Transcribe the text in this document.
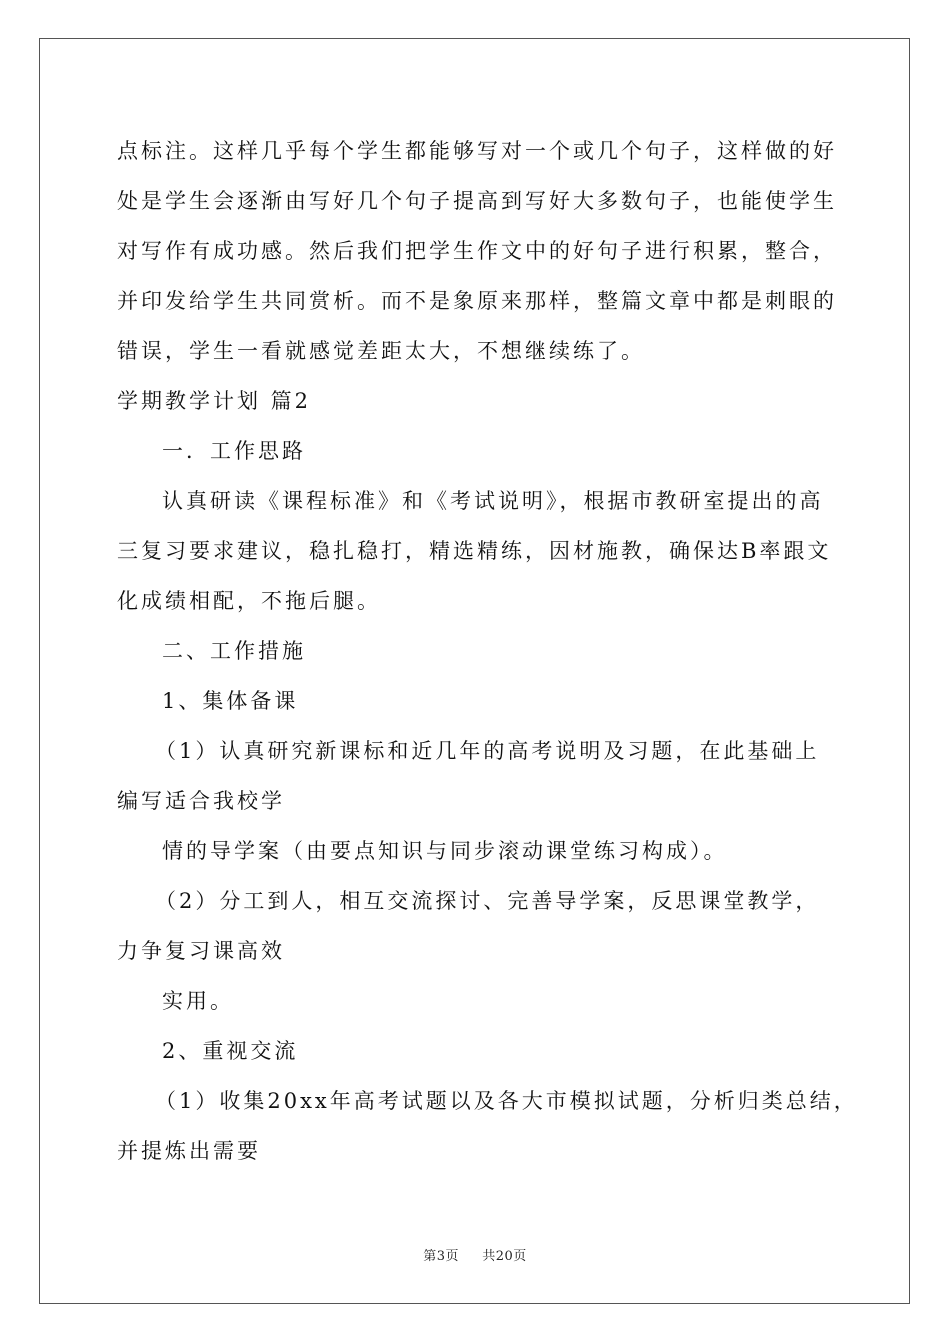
点标注。这样几乎每个学生都能够写对一个或几个句子，这样做的好
处是学生会逐渐由写好几个句子提高到写好大多数句子，也能使学生
对写作有成功感。然后我们把学生作文中的好句子进行积累，整合，
并印发给学生共同赏析。而不是象原来那样，整篇文章中都是刺眼的
错误，学生一看就感觉差距太大，不想继续练了。
学期教学计划 篇2
一．工作思路
认真研读《课程标准》和《考试说明》，根据市教研室提出的高
三复习要求建议，稳扎稳打，精选精练，因材施教，确保达B率跟文
化成绩相配，不拖后腿。
二、工作措施
1、集体备课
（1）认真研究新课标和近几年的高考说明及习题，在此基础上
编写适合我校学
情的导学案（由要点知识与同步滚动课堂练习构成）。
（2）分工到人，相互交流探讨、完善导学案，反思课堂教学，
力争复习课高效
实用。
2、重视交流
（1）收集20xx年高考试题以及各大市模拟试题，分析归类总结，
并提炼出需要
第3页 共20页
